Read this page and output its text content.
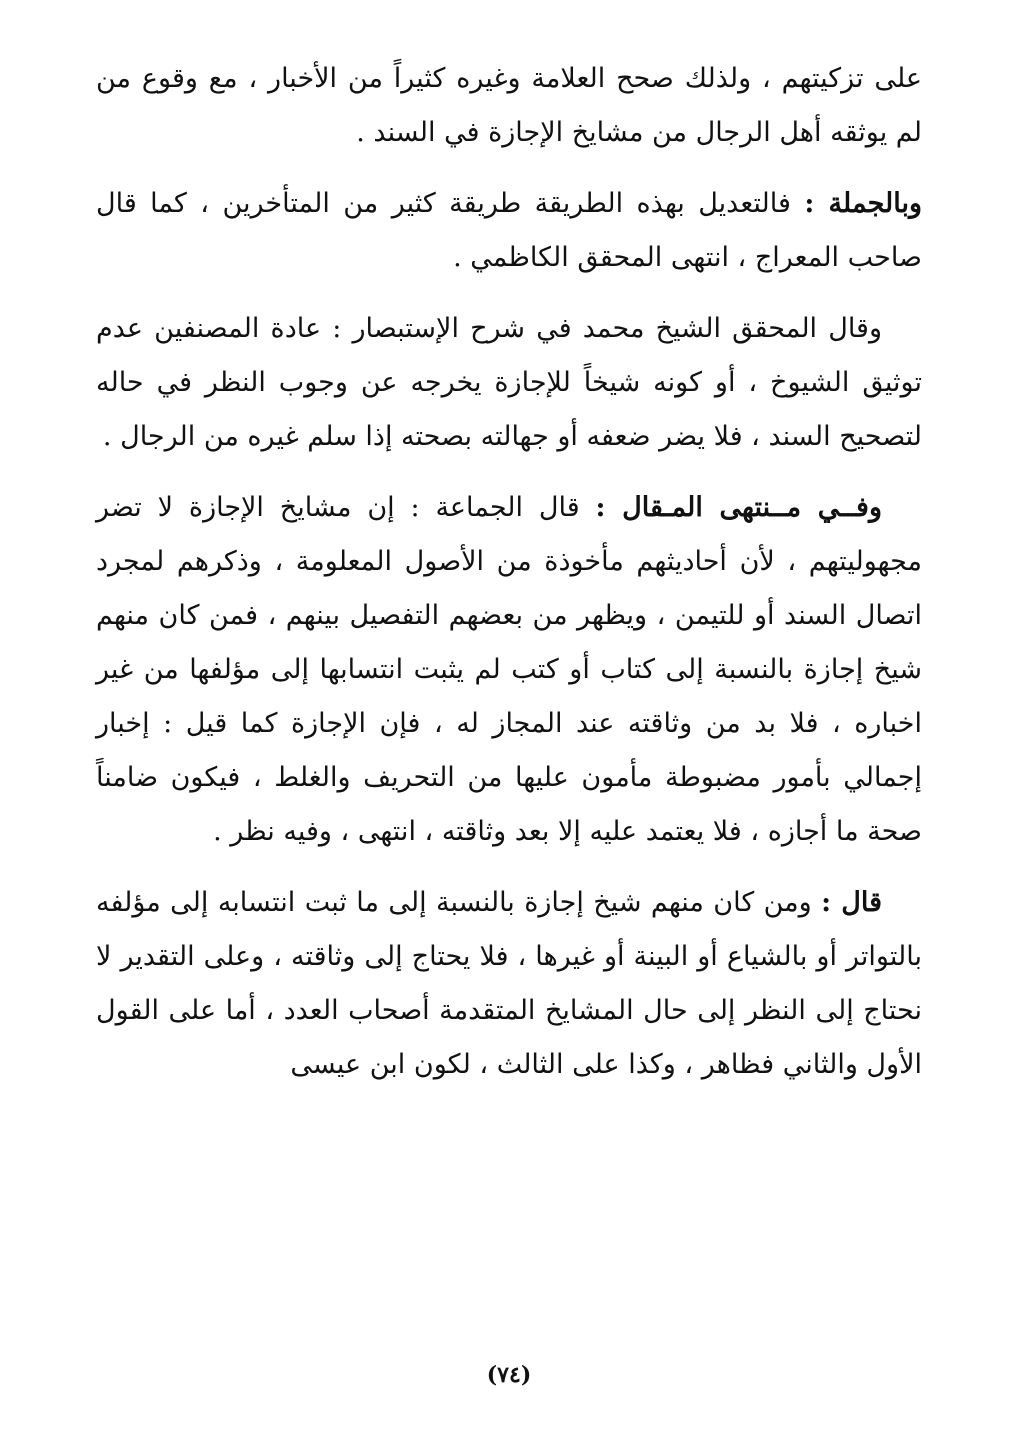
على تزكيتهم ، ولذلك صحح العلامة وغيره كثيراً من الأخبار ، مع وقوع من لم يوثقه أهل الرجال من مشايخ الإجازة في السند .

وبالجملة : فالتعديل بهذه الطريقة طريقة كثير من المتأخرين ، كما قال صاحب المعراج ، انتهى المحقق الكاظمي .

وقال المحقق الشيخ محمد في شرح الإستبصار : عادة المصنفين عدم توثيق الشيوخ ، أو كونه شيخاً للإجازة يخرجه عن وجوب النظر في حاله لتصحيح السند ، فلا يضر ضعفه أو جهالته بصحته إذا سلم غيره من الرجال .

وفــي مــنتهى المـقال : قال الجماعة : إن مشايخ الإجازة لا تضر مجهوليتهم ، لأن أحاديثهم مأخوذة من الأصول المعلومة ، وذكرهم لمجرد اتصال السند أو للتيمن ، ويظهر من بعضهم التفصيل بينهم ، فمن كان منهم شيخ إجازة بالنسبة إلى كتاب أو كتب لم يثبت انتسابها إلى مؤلفها من غير اخباره ، فلا بد من وثاقته عند المجاز له ، فإن الإجازة كما قيل : إخبار إجمالي بأمور مضبوطة مأمون عليها من التحريف والغلط ، فيكون ضامناً صحة ما أجازه ، فلا يعتمد عليه إلا بعد وثاقته ، انتهى ، وفيه نظر .

قال : ومن كان منهم شيخ إجازة بالنسبة إلى ما ثبت انتسابه إلى مؤلفه بالتواتر أو بالشياع أو البينة أو غيرها ، فلا يحتاج إلى وثاقته ، وعلى التقدير لا نحتاج إلى النظر إلى حال المشايخ المتقدمة أصحاب العدد ، أما على القول الأول والثاني فظاهر ، وكذا على الثالث ، لكون ابن عيسى

(٧٤)
